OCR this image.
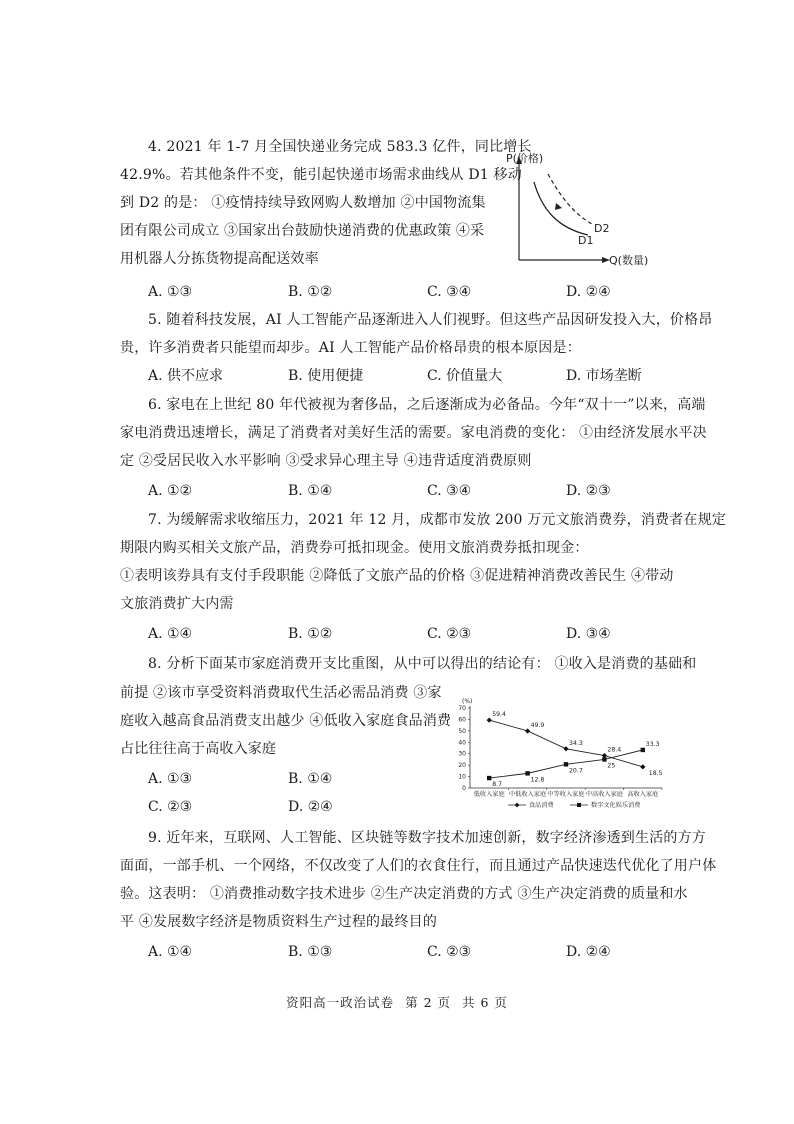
4. 2021 年 1-7 月全国快递业务完成 583.3 亿件，同比增长
42.9%。若其他条件不变，能引起快递市场需求曲线从 D1 移动
到 D2 的是： ①疫情持续导致网购人数增加 ②中国物流集
团有限公司成立 ③国家出台鼓励快递消费的优惠政策 ④采
用机器人分拣货物提高配送效率
P(价格)
Q(数量)
D2
D1
A. ①③	B. ①②	C. ③④	D. ②④
5. 随着科技发展，AI 人工智能产品逐渐进入人们视野。但这些产品因研发投入大，价格昂
贵，许多消费者只能望而却步。AI 人工智能产品价格昂贵的根本原因是：
A. 供不应求	B. 使用便捷	C. 价值量大	D. 市场垄断
6. 家电在上世纪 80 年代被视为奢侈品，之后逐渐成为必备品。今年“双十一”以来，高端
家电消费迅速增长，满足了消费者对美好生活的需要。家电消费的变化： ①由经济发展水平决
定 ②受居民收入水平影响 ③受求异心理主导 ④违背适度消费原则
A. ①②	B. ①④	C. ③④	D. ②③
7. 为缓解需求收缩压力，2021 年 12 月，成都市发放 200 万元文旅消费券，消费者在规定
期限内购买相关文旅产品，消费券可抵扣现金。使用文旅消费券抵扣现金：
①表明该券具有支付手段职能 ②降低了文旅产品的价格 ③促进精神消费改善民生 ④带动
文旅消费扩大内需
A. ①④	B. ①②	C. ②③	D. ③④
8. 分析下面某市家庭消费开支比重图，从中可以得出的结论有： ①收入是消费的基础和
前提 ②该市享受资料消费取代生活必需品消费 ③家
庭收入越高食品消费支出越少 ④低收入家庭食品消费
占比往往高于高收入家庭
A. ①③	B. ①④
C. ②③	D. ②④
(%)
0
10
20
30
40
50
60
70
低收入家庭 中低收入家庭 中等收入家庭 中高收入家庭 高收入家庭
59.4
49.9
34.3
28.4
18.5
8.7
12.8
20.7
25
33.3
食品消费	数字文化娱乐消费
9. 近年来，互联网、人工智能、区块链等数字技术加速创新，数字经济渗透到生活的方方
面面，一部手机、一个网络，不仅改变了人们的衣食住行，而且通过产品快速迭代优化了用户体
验。这表明： ①消费推动数字技术进步 ②生产决定消费的方式 ③生产决定消费的质量和水
平 ④发展数字经济是物质资料生产过程的最终目的
A. ①④	B. ①③	C. ②③	D. ②④
资阳高一政治试卷 第 2 页 共 6 页
